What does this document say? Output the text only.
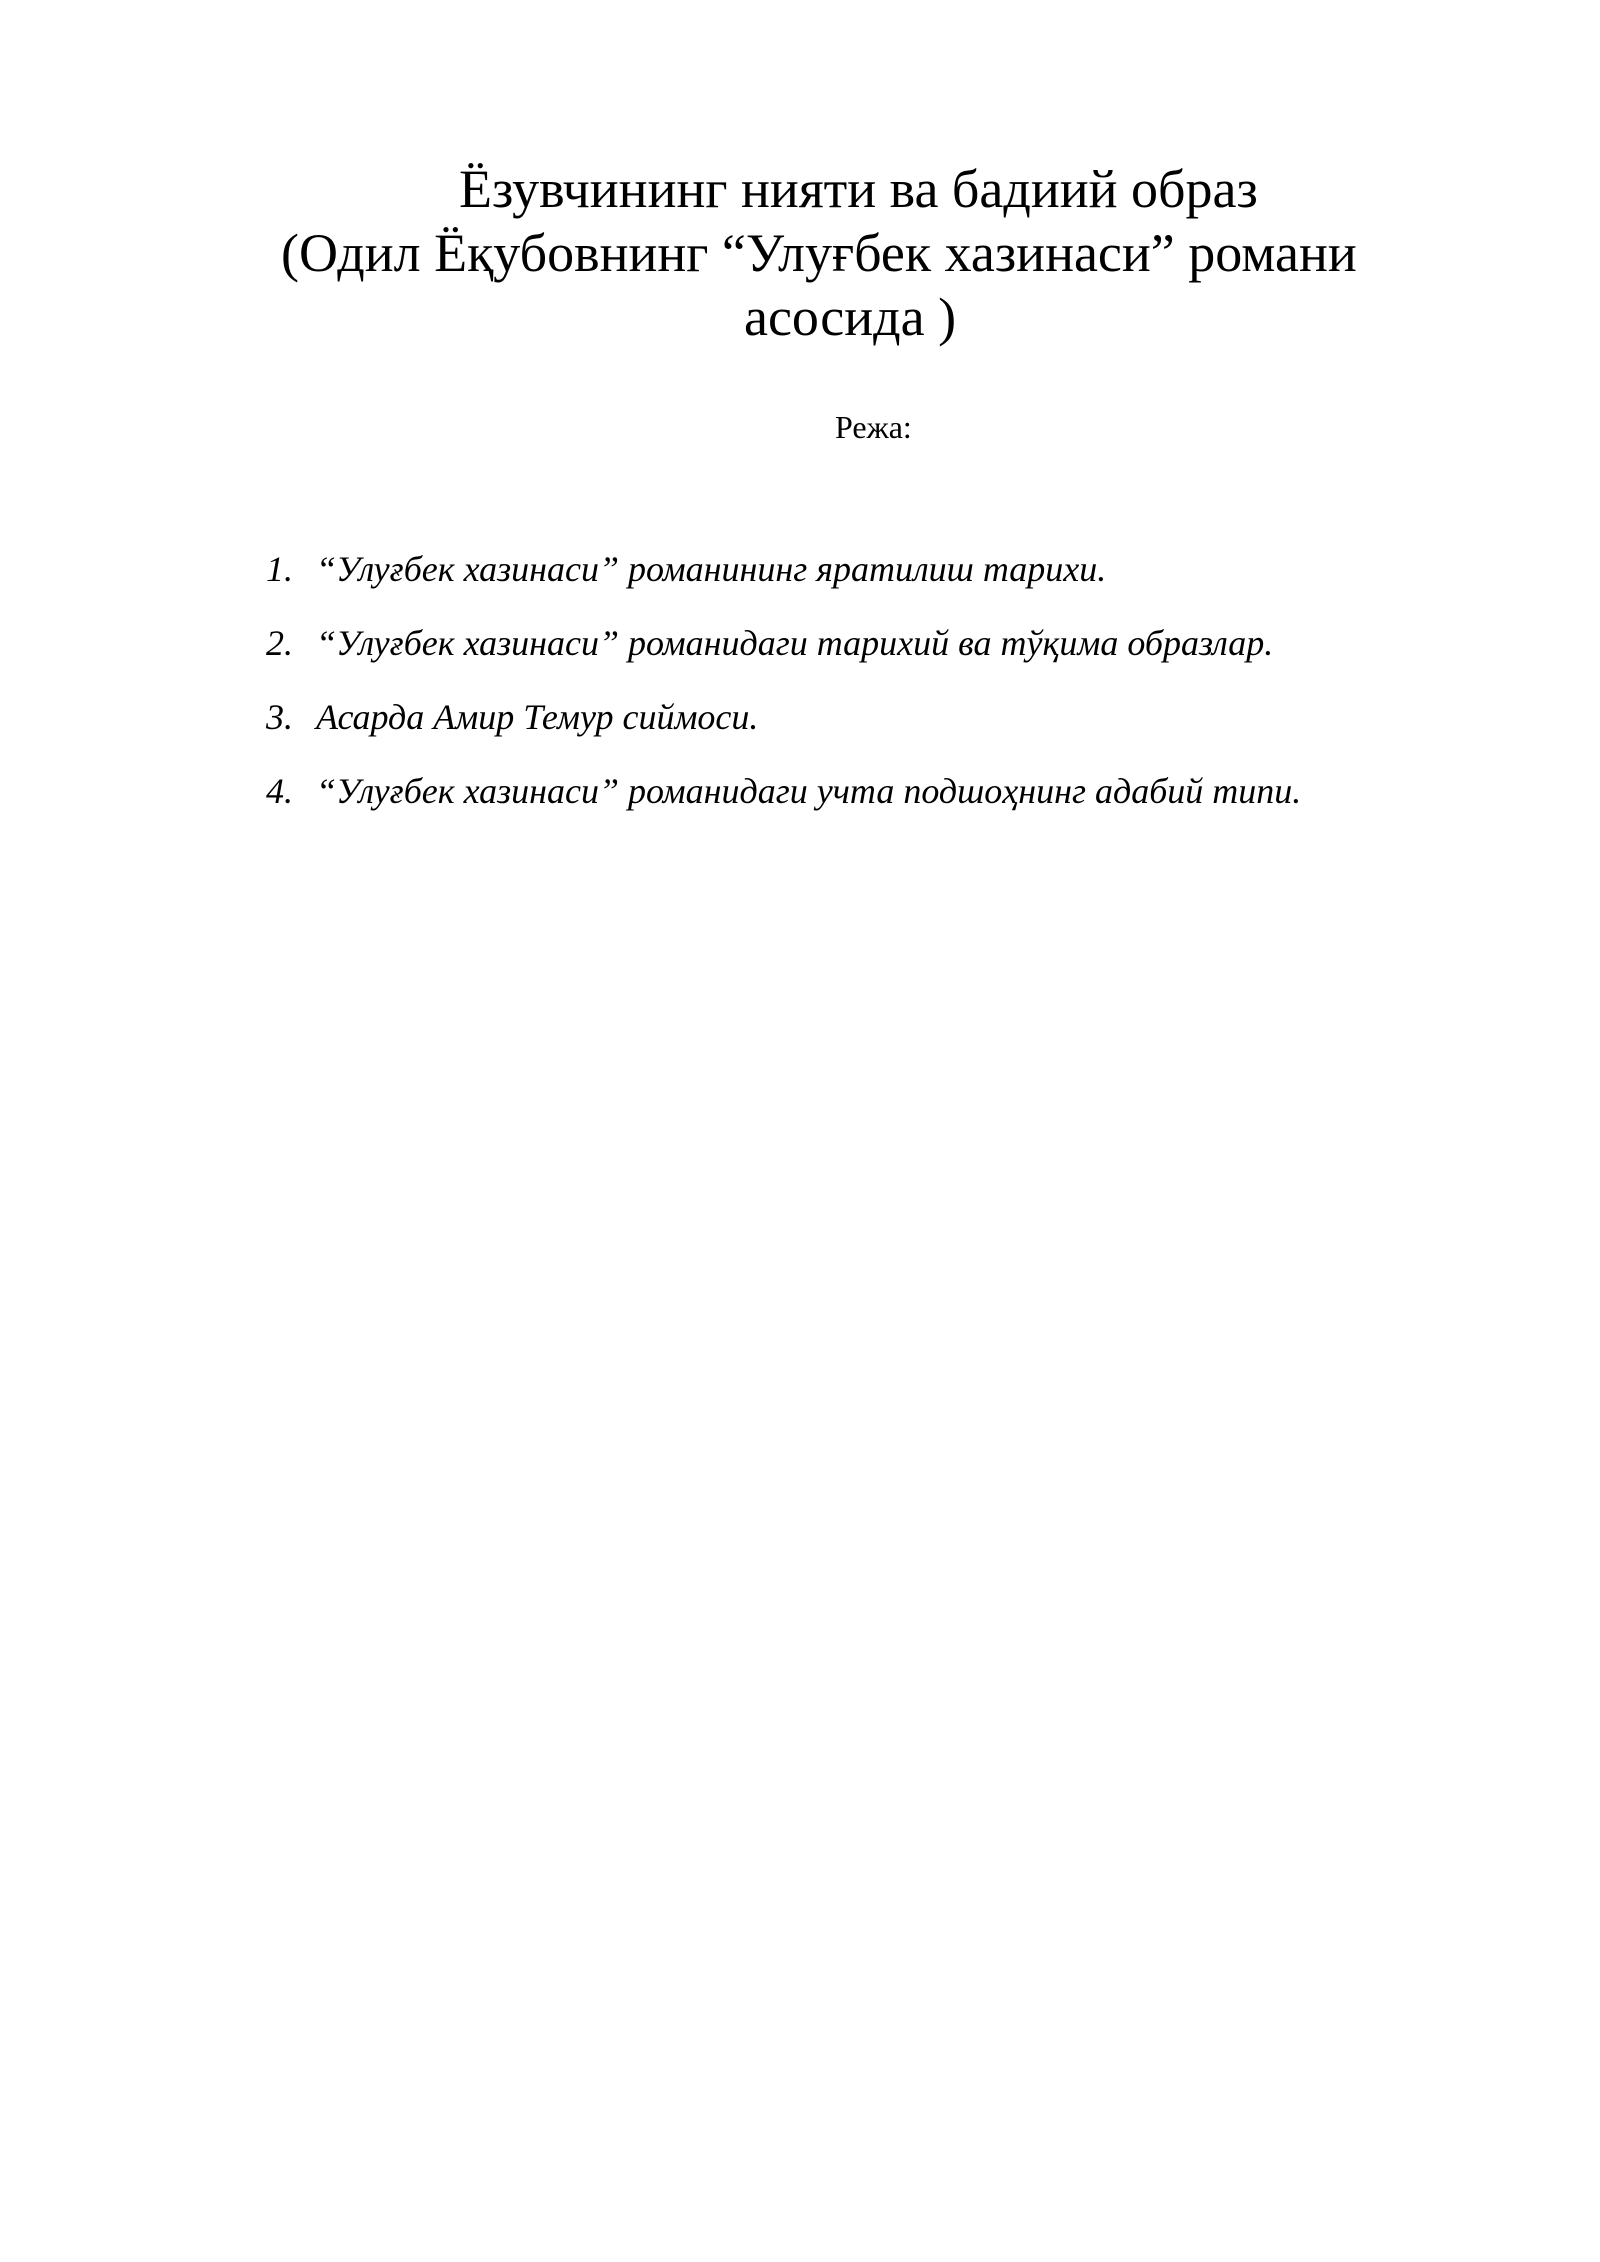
Ёзувчининг нияти ва бадиий образ
(Одил Ёқубовнинг “Улуғбек хазинаси” романи
асосида )
Режа:
1. “Улуғбек хазинаси” романининг яратилиш тарихи.
2. “Улуғбек хазинаси” романидаги тарихий ва тўқима образлар.
3. Асарда Амир Темур сиймоси.
4. “Улуғбек хазинаси” романидаги учта подшоҳнинг адабий типи.
